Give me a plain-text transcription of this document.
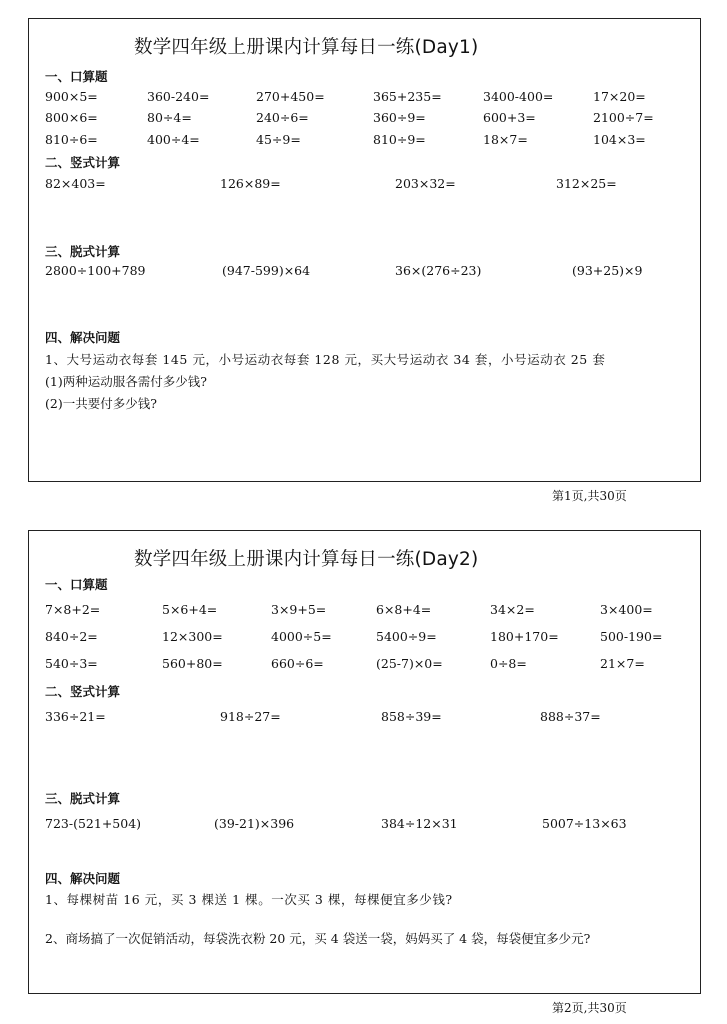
数学四年级上册课内计算每日一练(Day1)
一、口算题
900×5=	360-240=	270+450=	365+235=	3400-400=	17×20=
800×6=	80÷4=	240÷6=	360÷9=	600+3=	2100÷7=
810÷6=	400÷4=	45÷9=	810÷9=	18×7=	104×3=
二、竖式计算
82×403=	126×89=	203×32=	312×25=
三、脱式计算
2800÷100+789	(947-599)×64	36×(276÷23)	(93+25)×9
四、解决问题
1、大号运动衣每套 145 元，小号运动衣每套 128 元，买大号运动衣 34 套，小号运动衣 25 套
(1)两种运动服各需付多少钱?
(2)一共要付多少钱?
第1页,共30页
数学四年级上册课内计算每日一练(Day2)
一、口算题
7×8+2=	5×6+4=	3×9+5=	6×8+4=	34×2=	3×400=
840÷2=	12×300=	4000÷5=	5400÷9=	180+170=	500-190=
540÷3=	560+80=	660÷6=	(25-7)×0=	0÷8=	21×7=
二、竖式计算
336÷21=	918÷27=	858÷39=	888÷37=
三、脱式计算
723-(521+504)	(39-21)×396	384÷12×31	5007÷13×63
四、解决问题
1、每棵树苗 16 元，买 3 棵送 1 棵。一次买 3 棵，每棵便宜多少钱?
2、商场搞了一次促销活动，每袋洗衣粉 20 元，买 4 袋送一袋，妈妈买了 4 袋，每袋便宜多少元?
第2页,共30页
